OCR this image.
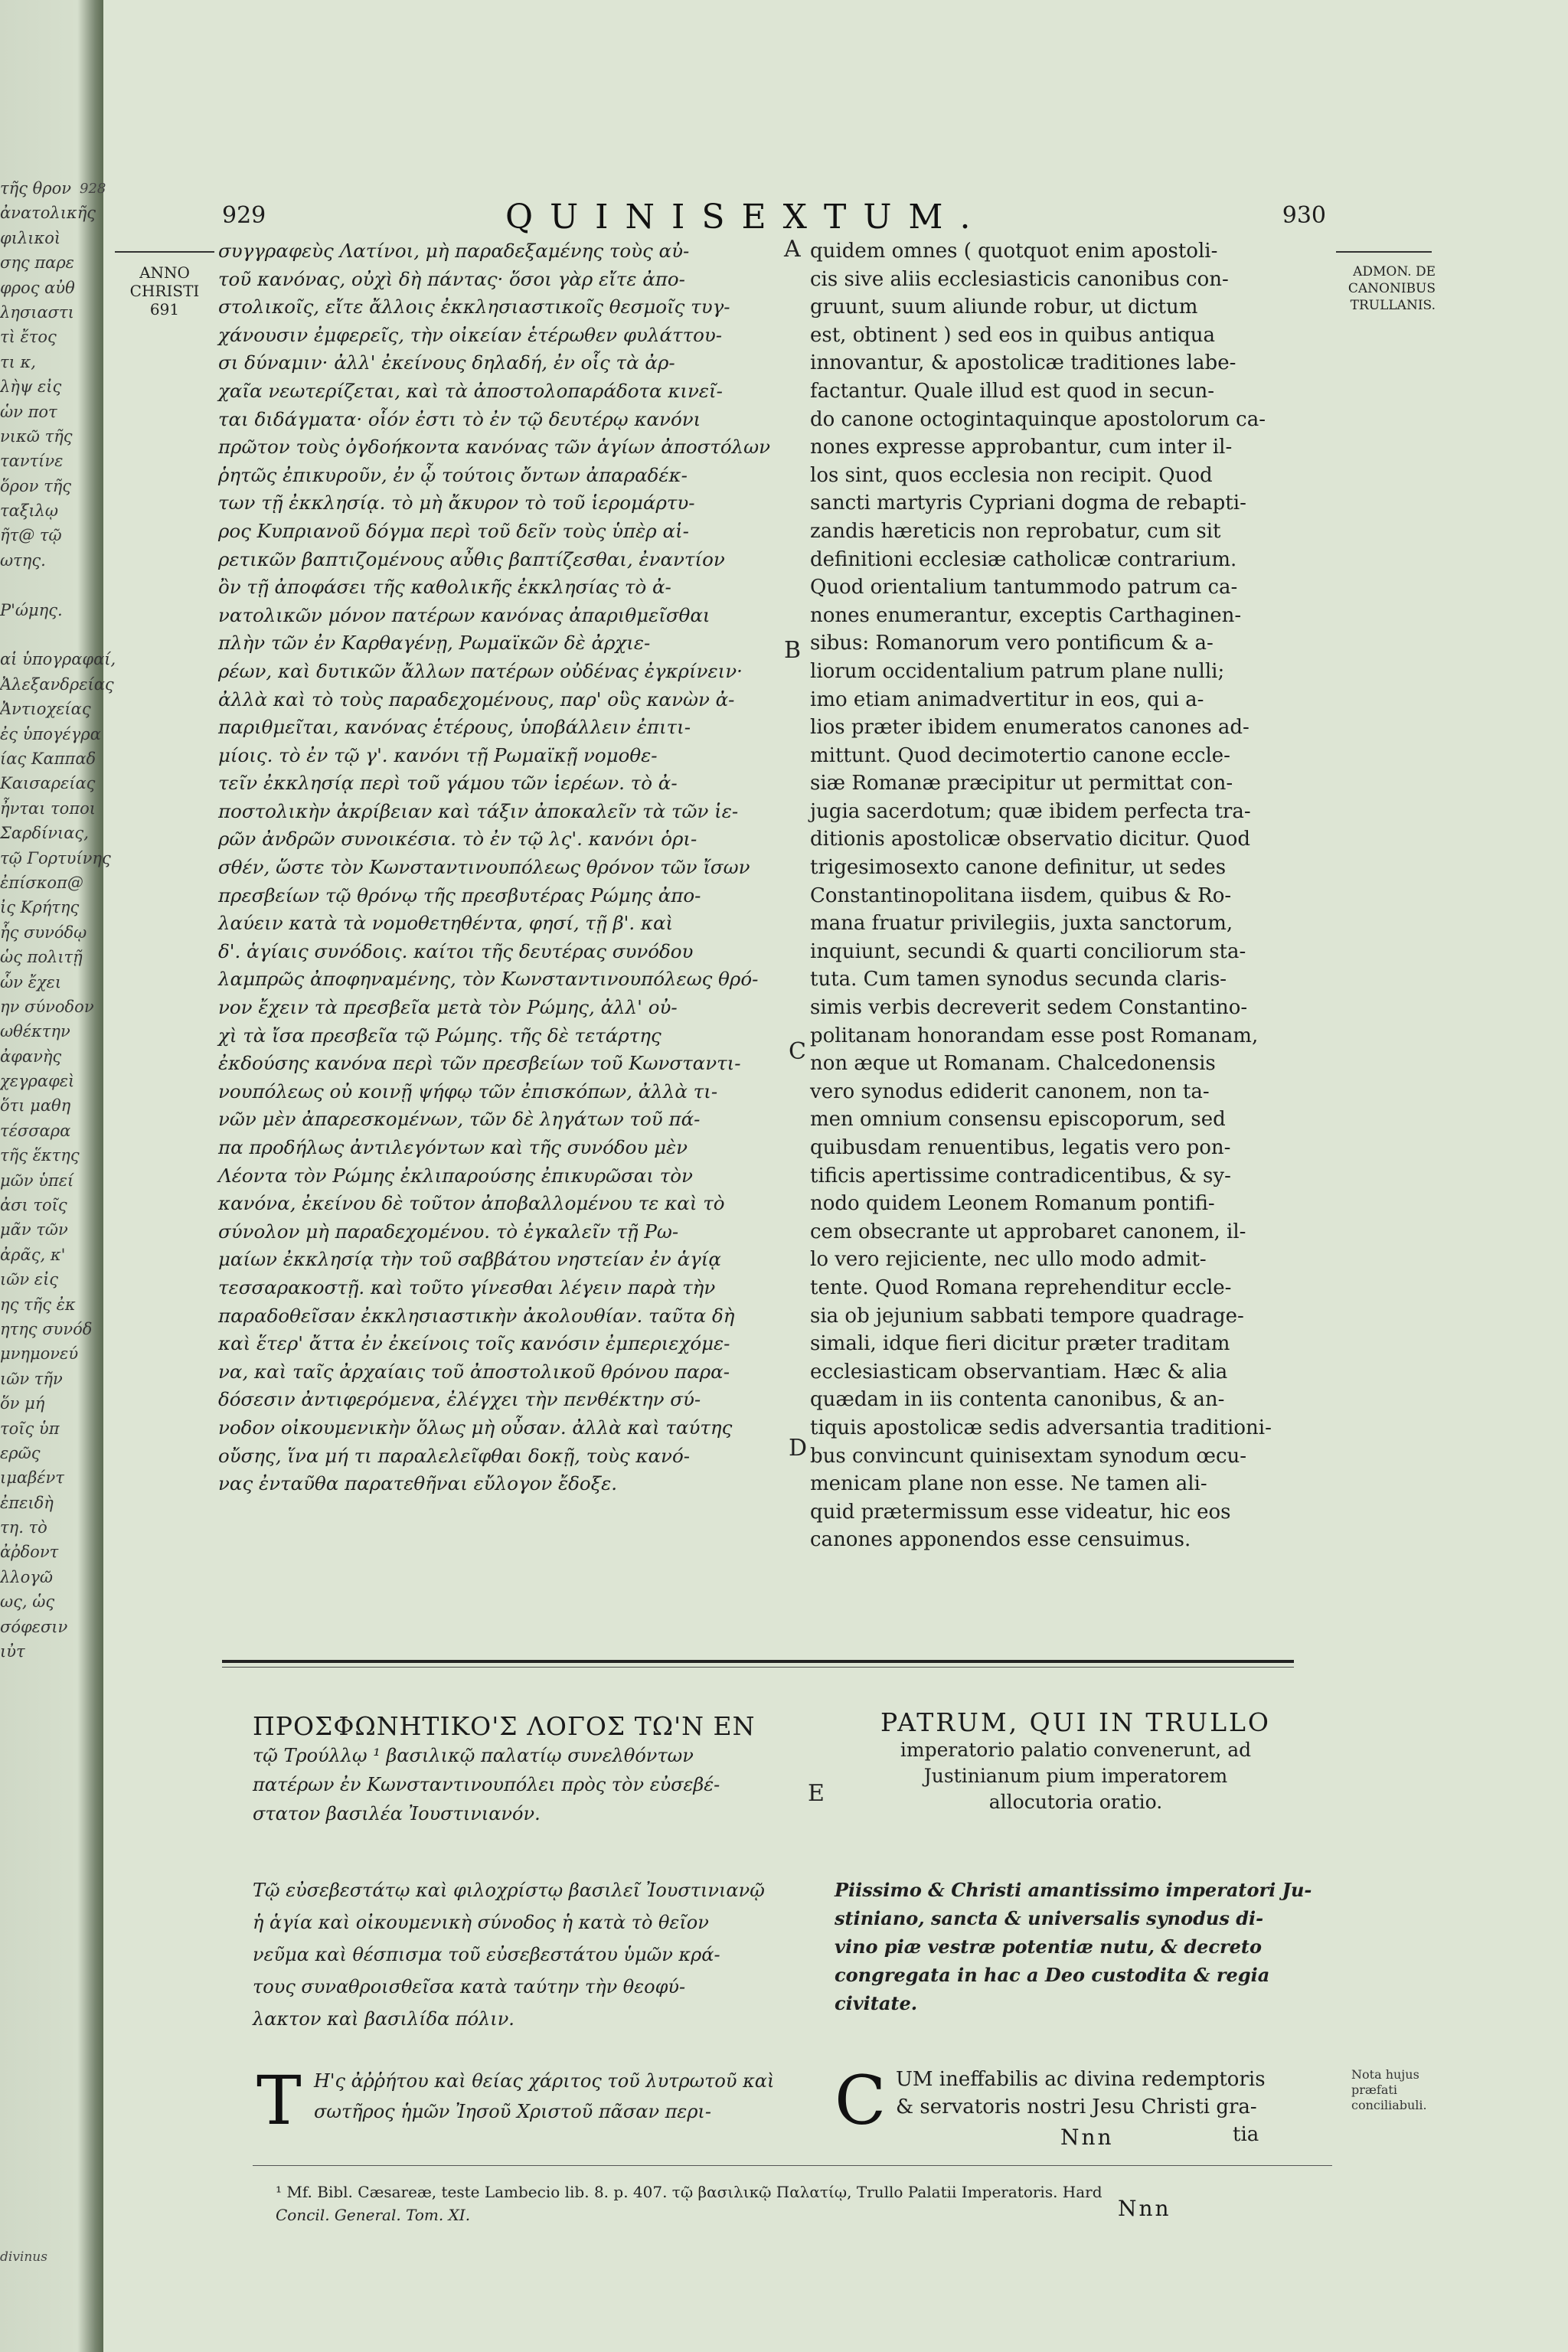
928
τῆς θρον
ἀνατολικῆς
φιλικοὶ
σης παρε
φρος αὐθ
λησιαστι
τὶ ἔτος
τι κ,
λὴψ εἰς
ὡν ποτ
νικῶ τῆς
ταντίνε
ὅρον τῆς
ταξιλῳ
ῆτ@ τῷ
ωτης.
Ρ'ώμης.
αἱ ὑπογραφαί,
Ἀλεξανδρείας
Ἀντιοχείας
ἐς ὑπογέγρα
ίας Καππαδ
Καισαρείας
ἦνται τοποι
Σαρδίνιας,
τῷ Γορτυίνης
ἐπίσκοπ@
ἰς Κρήτης
ἧς συνόδῳ
ὡς πολιτῇ
ὧν ἔχει
ην σύνοδον
ωθέκτην
ἀφανὴς
χεγραφεὶ
ὅτι μαθη
τέσσαρα
τῆς ἕκτης
μῶν ὑπεί
ἀσι τοῖς
μᾶν τῶν
ἀρᾶς, κ'
ιῶν εἰς
ης τῆς ἐκ
ητης συνόδ
μνημονεύ
ιῶν τῆν
ὅν μή
τοῖς ὑπ
ερῶς
ιμαβέντ
ἐπειδὴ
τη. τὸ
ἀῤδοντ
λλογῶ
ως, ὡς
σόφεσιν
ιὐτ
divinus
929	QUINISEXTUM.	930
ANNO CHRISTI 691
ADMON. DE CANONIBUS TRULLANIS.
συγγραφεὺς Λατίνοι, μὴ παραδεξαμένης τοὺς αὐ-
τοῦ κανόνας, οὐχὶ δὴ πάντας· ὅσοι γὰρ εἴτε ἀπο-
στολικοῖς, εἴτε ἄλλοις ἐκκλησιαστικοῖς θεσμοῖς τυγ-
χάνουσιν ἐμφερεῖς, τὴν οἰκείαν ἑτέρωθεν φυλάττου-
σι δύναμιν· ἀλλ' ἐκείνους δηλαδή, ἐν οἷς τὰ ἀρ-
χαῖα νεωτερίζεται, καὶ τὰ ἀποστολοπαράδοτα κινεῖ-
ται διδάγματα· οἷόν ἐστι τὸ ἐν τῷ δευτέρῳ κανόνι
πρῶτον τοὺς ὀγδοήκοντα κανόνας τῶν ἁγίων ἀποστόλων
ῥητῶς ἐπικυροῦν, ἐν ᾧ τούτοις ὄντων ἀπαραδέκ-
των τῇ ἐκκλησίᾳ. τὸ μὴ ἄκυρον τὸ τοῦ ἱερομάρτυ-
ρος Κυπριανοῦ δόγμα περὶ τοῦ δεῖν τοὺς ὑπὲρ αἱ-
ρετικῶν βαπτιζομένους αὖθις βαπτίζεσθαι, ἐναντίον
ὂν τῇ ἀποφάσει τῆς καθολικῆς ἐκκλησίας τὸ ἀ-
νατολικῶν μόνον πατέρων κανόνας ἀπαριθμεῖσθαι
πλὴν τῶν ἐν Καρθαγένῃ, Ρωμαϊκῶν δὲ ἀρχιε-
ρέων, καὶ δυτικῶν ἄλλων πατέρων οὐδένας ἐγκρίνειν·
ἀλλὰ καὶ τὸ τοὺς παραδεχομένους, παρ' οὓς κανὼν ἀ-
παριθμεῖται, κανόνας ἑτέρους, ὑποβάλλειν ἐπιτι-
μίοις. τὸ ἐν τῷ γ'. κανόνι τῇ Ρωμαϊκῇ νομοθε-
τεῖν ἐκκλησίᾳ περὶ τοῦ γάμου τῶν ἱερέων. τὸ ἀ-
ποστολικὴν ἀκρίβειαν καὶ τάξιν ἀποκαλεῖν τὰ τῶν ἱε-
ρῶν ἀνδρῶν συνοικέσια. τὸ ἐν τῷ λς'. κανόνι ὁρι-
σθέν, ὥστε τὸν Κωνσταντινουπόλεως θρόνον τῶν ἴσων
πρεσβείων τῷ θρόνῳ τῆς πρεσβυτέρας Ρώμης ἀπο-
λαύειν κατὰ τὰ νομοθετηθέντα, φησί, τῇ β'. καὶ
δ'. ἁγίαις συνόδοις. καίτοι τῆς δευτέρας συνόδου
λαμπρῶς ἀποφηναμένης, τὸν Κωνσταντινουπόλεως θρό-
νον ἔχειν τὰ πρεσβεῖα μετὰ τὸν Ρώμης, ἀλλ' οὐ-
χὶ τὰ ἴσα πρεσβεῖα τῷ Ρώμης. τῆς δὲ τετάρτης
ἐκδούσης κανόνα περὶ τῶν πρεσβείων τοῦ Κωνσταντι-
νουπόλεως οὐ κοινῇ ψήφῳ τῶν ἐπισκόπων, ἀλλὰ τι-
νῶν μὲν ἀπαρεσκομένων, τῶν δὲ ληγάτων τοῦ πά-
πα προδήλως ἀντιλεγόντων καὶ τῆς συνόδου μὲν
Λέοντα τὸν Ρώμης ἐκλιπαρούσης ἐπικυρῶσαι τὸν
κανόνα, ἐκείνου δὲ τοῦτον ἀποβαλλομένου τε καὶ τὸ
σύνολον μὴ παραδεχομένου. τὸ ἐγκαλεῖν τῇ Ρω-
μαίων ἐκκλησίᾳ τὴν τοῦ σαββάτου νηστείαν ἐν ἁγίᾳ
τεσσαρακοστῇ. καὶ τοῦτο γίνεσθαι λέγειν παρὰ τὴν
παραδοθεῖσαν ἐκκλησιαστικὴν ἀκολουθίαν. ταῦτα δὴ
καὶ ἕτερ' ἄττα ἐν ἐκείνοις τοῖς κανόσιν ἐμπεριεχόμε-
να, καὶ ταῖς ἀρχαίαις τοῦ ἀποστολικοῦ θρόνου παρα-
δόσεσιν ἀντιφερόμενα, ἐλέγχει τὴν πενθέκτην σύ-
νοδον οἰκουμενικὴν ὅλως μὴ οὖσαν. ἀλλὰ καὶ ταύτης
οὔσης, ἵνα μή τι παραλελεῖφθαι δοκῇ, τοὺς κανό-
νας ἐνταῦθα παρατεθῆναι εὔλογον ἔδοξε.
quidem omnes ( quotquot enim apostoli-
cis sive aliis ecclesiasticis canonibus con-
gruunt, suum aliunde robur, ut dictum
est, obtinent ) sed eos in quibus antiqua
innovantur, & apostolicæ traditiones labe-
factantur. Quale illud est quod in secun-
do canone octogintaquinque apostolorum ca-
nones expresse approbantur, cum inter il-
los sint, quos ecclesia non recipit. Quod
sancti martyris Cypriani dogma de rebapti-
zandis hæreticis non reprobatur, cum sit
definitioni ecclesiæ catholicæ contrarium.
Quod orientalium tantummodo patrum ca-
nones enumerantur, exceptis Carthaginen-
sibus: Romanorum vero pontificum & a-
liorum occidentalium patrum plane nulli;
imo etiam animadvertitur in eos, qui a-
lios præter ibidem enumeratos canones ad-
mittunt. Quod decimotertio canone eccle-
siæ Romanæ præcipitur ut permittat con-
jugia sacerdotum; quæ ibidem perfecta tra-
ditionis apostolicæ observatio dicitur. Quod
trigesimosexto canone definitur, ut sedes
Constantinopolitana iisdem, quibus & Ro-
mana fruatur privilegiis, juxta sanctorum,
inquiunt, secundi & quarti conciliorum sta-
tuta. Cum tamen synodus secunda claris-
simis verbis decreverit sedem Constantino-
politanam honorandam esse post Romanam,
non æque ut Romanam. Chalcedonensis
vero synodus ediderit canonem, non ta-
men omnium consensu episcoporum, sed
quibusdam renuentibus, legatis vero pon-
tificis apertissime contradicentibus, & sy-
nodo quidem Leonem Romanum pontifi-
cem obsecrante ut approbaret canonem, il-
lo vero rejiciente, nec ullo modo admit-
tente. Quod Romana reprehenditur eccle-
sia ob jejunium sabbati tempore quadrage-
simali, idque fieri dicitur præter traditam
ecclesiasticam observantiam. Hæc & alia
quædam in iis contenta canonibus, & an-
tiquis apostolicæ sedis adversantia traditioni-
bus convincunt quinisextam synodum œcu-
menicam plane non esse. Ne tamen ali-
quid prætermissum esse videatur, hic eos
canones apponendos esse censuimus.
A
B
C
D
E
ΠΡΟΣΦΩΝΗΤΙΚΟ'Σ ΛΟΓΟΣ ΤΩ'Ν ΕΝ
τῷ Τρούλλῳ ¹ βασιλικῷ παλατίῳ συνελθόντων
πατέρων ἐν Κωνσταντινουπόλει πρὸς τὸν εὐσεβέ-
στατον βασιλέα Ἰουστινιανόν.
PATRUM, QUI IN TRULLO
imperatorio palatio convenerunt, ad
Justinianum pium imperatorem
allocutoria oratio.
Τῷ εὐσεβεστάτῳ καὶ φιλοχρίστῳ βασιλεῖ Ἰουστινιανῷ
ἡ ἁγία καὶ οἰκουμενικὴ σύνοδος ἡ κατὰ τὸ θεῖον
νεῦμα καὶ θέσπισμα τοῦ εὐσεβεστάτου ὑμῶν κρά-
τους συναθροισθεῖσα κατὰ ταύτην τὴν θεοφύ-
λακτον καὶ βασιλίδα πόλιν.
Piissimo & Christi amantissimo imperatori Ju-
stiniano, sancta & universalis synodus di-
vino piæ vestræ potentiæ nutu, & decreto
congregata in hac a Deo custodita & regia
civitate.
T Η'ς ἀῤῥήτου καὶ θείας χάριτος τοῦ λυτρωτοῦ καὶ
σωτῆρος ἡμῶν Ἰησοῦ Χριστοῦ πᾶσαν περι-	C UM ineffabilis ac divina redemptoris
& servatoris nostri Jesu Christi gra-
tia
Nnn
Nota hujus
præfati
conciliabuli.
¹ Mf. Bibl. Cæsareæ, teste Lambecio lib. 8. p. 407. τῷ βασιλικῷ Παλατίῳ, Trullo Palatii Imperatoris. Hard
Concil. General. Tom. XI.	Nnn
